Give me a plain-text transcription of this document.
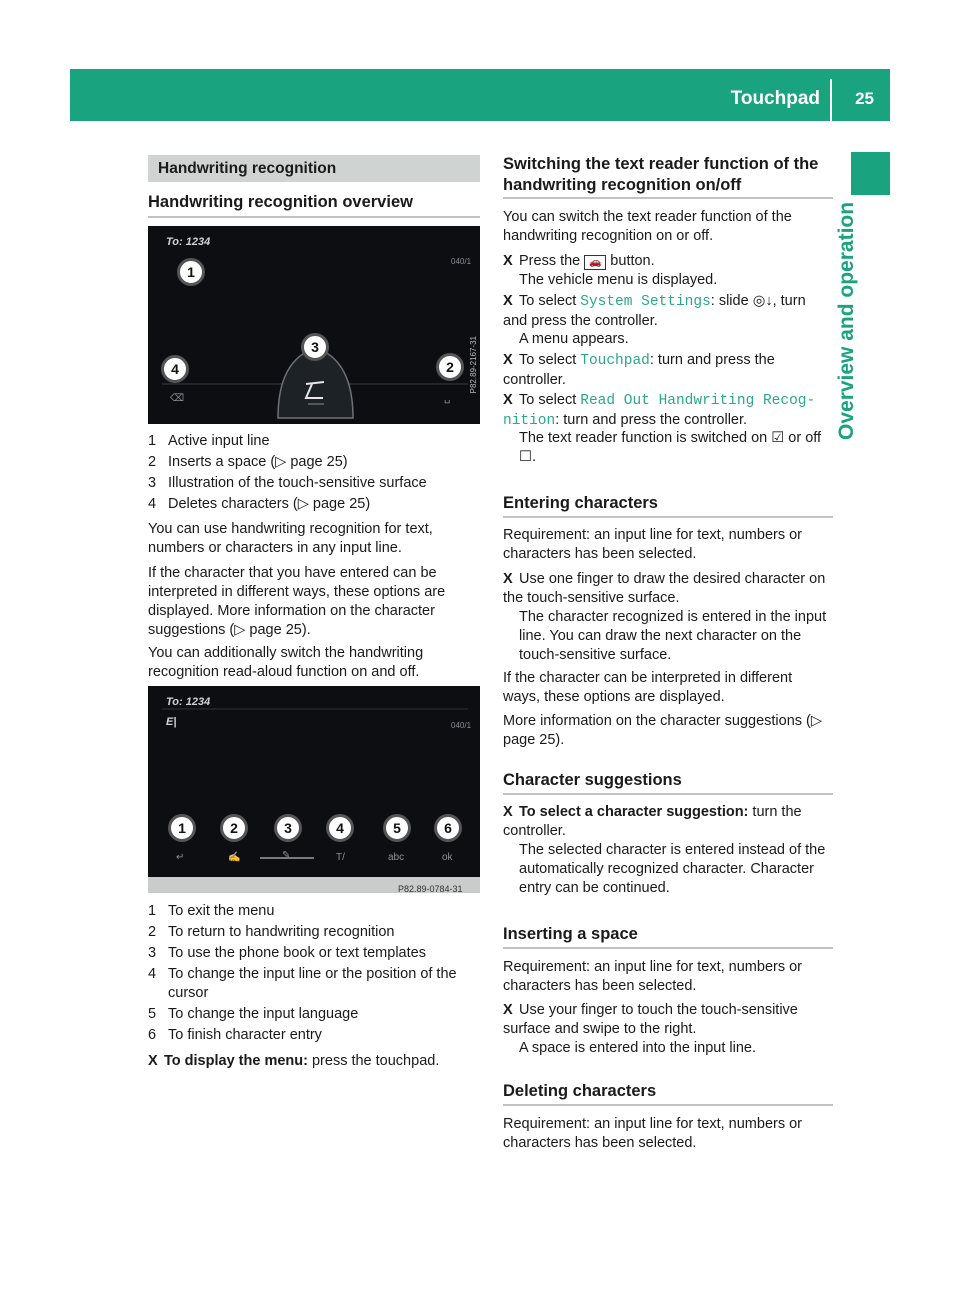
Touchpad 25
Overview and operation
Handwriting recognition
Handwriting recognition overview
To: 1234
040/1
1
2
3
4
⌫	␣
P82.89-2167-31
1 Active input line
2 Inserts a space (▷ page 25)
3 Illustration of the touch-sensitive surface
4 Deletes characters (▷ page 25)

You can use handwriting recognition for text, numbers or characters in any input line.

If the character that you have entered can be interpreted in different ways, these options are displayed. More information on the character suggestions (▷ page 25).

You can additionally switch the handwriting recognition read-aloud function on and off.

To: 1234
E|	040/1
1	2	3	4	5	6
↵	✍	✎	T/	abc	ok
P82.89-0784-31
1 To exit the menu
2 To return to handwriting recognition
3 To use the phone book or text templates
4 To change the input line or the position of the cursor
5 To change the input language
6 To finish character entry

X To display the menu: press the touchpad.

Switching the text reader function of the handwriting recognition on/off

You can switch the text reader function of the handwriting recognition on or off.

X Press the 🚗 button.

The vehicle menu is displayed.

X To select System Settings: slide ◎↓, turn and press the controller.

A menu appears.

X To select Touchpad: turn and press the controller.

X To select Read Out Handwriting Recog-nition: turn and press the controller.

The text reader function is switched on ☑ or off ☐.

Entering characters

Requirement: an input line for text, numbers or characters has been selected.

X Use one finger to draw the desired character on the touch-sensitive surface.

The character recognized is entered in the input line. You can draw the next character on the touch-sensitive surface.

If the character can be interpreted in different ways, these options are displayed.

More information on the character suggestions (▷ page 25).

Character suggestions

X To select a character suggestion: turn the controller.

The selected character is entered instead of the automatically recognized character. Character entry can be continued.

Inserting a space

Requirement: an input line for text, numbers or characters has been selected.

X Use your finger to touch the touch-sensitive surface and swipe to the right.

A space is entered into the input line.

Deleting characters

Requirement: an input line for text, numbers or characters has been selected.
